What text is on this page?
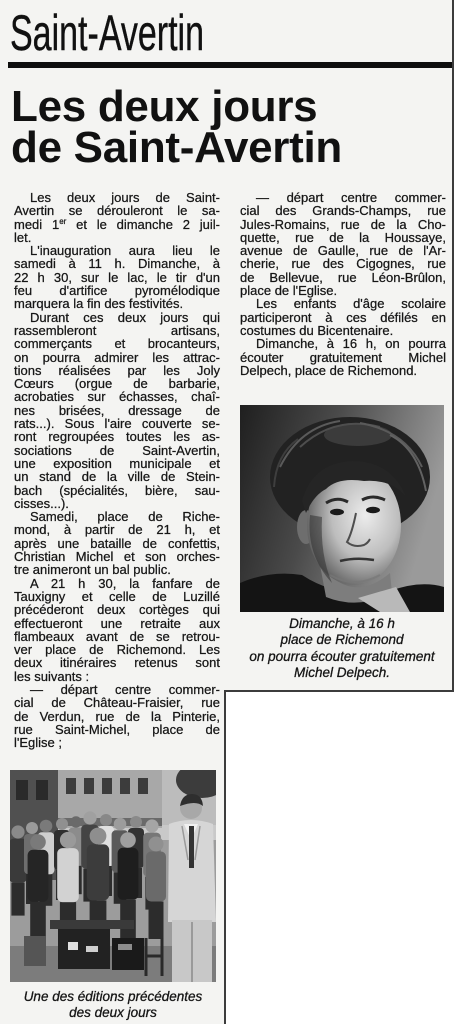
Saint-Avertin
Les deux jours
de Saint-Avertin
Les deux jours de Saint-
Avertin se dérouleront le sa-
medi 1er et le dimanche 2 juil-
let.
L'inauguration aura lieu le
samedi à 11 h. Dimanche, à
22 h 30, sur le lac, le tir d'un
feu d'artifice pyromélodique
marquera la fin des festivités.
Durant ces deux jours qui
rassembleront artisans,
commerçants et brocanteurs,
on pourra admirer les attrac-
tions réalisées par les Joly
Cœurs (orgue de barbarie,
acrobaties sur échasses, chaî-
nes brisées, dressage de
rats...). Sous l'aire couverte se-
ront regroupées toutes les as-
sociations de Saint-Avertin,
une exposition municipale et
un stand de la ville de Stein-
bach (spécialités, bière, sau-
cisses...).
Samedi, place de Riche-
mond, à partir de 21 h, et
après une bataille de confettis,
Christian Michel et son orches-
tre animeront un bal public.
A 21 h 30, la fanfare de
Tauxigny et celle de Luzillé
précéderont deux cortèges qui
effectueront une retraite aux
flambeaux avant de se retrou-
ver place de Richemond. Les
deux itinéraires retenus sont
les suivants :
— départ centre commer-
cial de Château-Fraisier, rue
de Verdun, rue de la Pinterie,
rue Saint-Michel, place de
l'Eglise ;
— départ centre commer-
cial des Grands-Champs, rue
Jules-Romains, rue de la Cho-
quette, rue de la Houssaye,
avenue de Gaulle, rue de l'Ar-
cherie, rue des Cigognes, rue
de Bellevue, rue Léon-Brûlon,
place de l'Eglise.
Les enfants d'âge scolaire
participeront à ces défilés en
costumes du Bicentenaire.
Dimanche, à 16 h, on pourra
écouter gratuitement Michel
Delpech, place de Richemond.
Dimanche, à 16 h
place de Richemond
on pourra écouter gratuitement
Michel Delpech.
Une des éditions précédentes
des deux jours
